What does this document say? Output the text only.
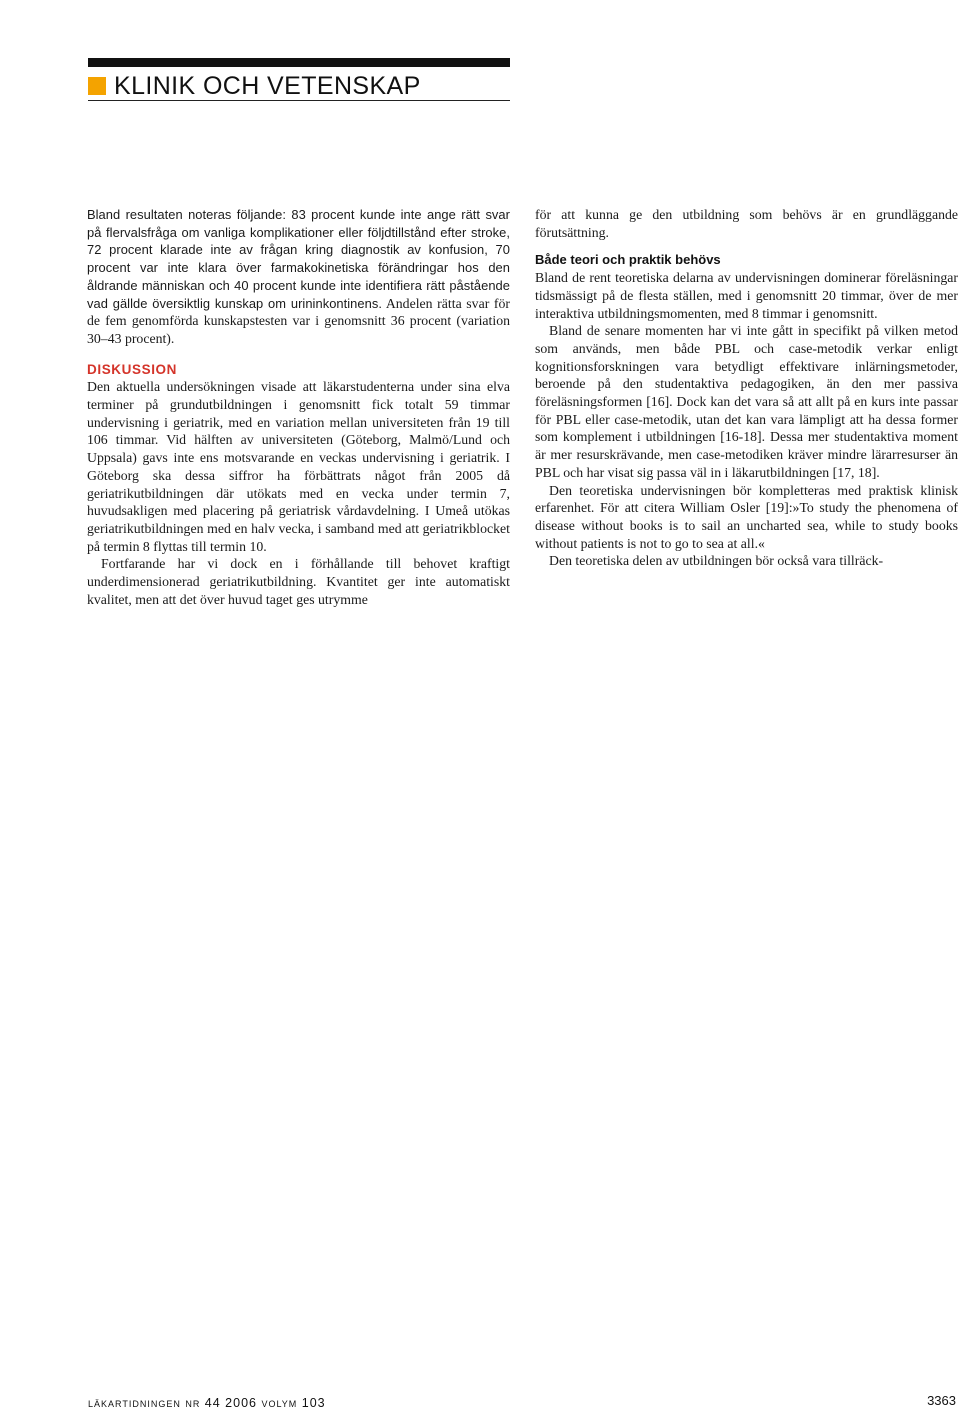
KLINIK OCH VETENSKAP

Bland resultaten noteras följande: 83 procent kunde inte ange rätt svar på flervalsfråga om vanliga komplikationer eller följdtillstånd efter stroke, 72 procent klarade inte av frågan kring diagnostik av konfusion, 70 procent var inte klara över farmakokinetiska förändringar hos den åldrande människan och 40 procent kunde inte identifiera rätt påstående vad gällde översiktlig kunskap om urininkontinens. Andelen rätta svar för de fem genomförda kunskapstesten var i genomsnitt 36 procent (variation 30–43 procent).

DISKUSSION

Den aktuella undersökningen visade att läkarstudenterna under sina elva terminer på grundutbildningen i genomsnitt fick totalt 59 timmar undervisning i geriatrik, med en variation mellan universiteten från 19 till 106 timmar. Vid hälften av universiteten (Göteborg, Malmö/Lund och Uppsala) gavs inte ens motsvarande en veckas undervisning i geriatrik. I Göteborg ska dessa siffror ha förbättrats något från 2005 då geriatrikutbildningen där utökats med en vecka under termin 7, huvudsakligen med placering på geriatrisk vårdavdelning. I Umeå utökas geriatrikutbildningen med en halv vecka, i samband med att geriatrikblocket på termin 8 flyttas till termin 10.

Fortfarande har vi dock en i förhållande till behovet kraftigt underdimensionerad geriatrikutbildning. Kvantitet ger inte automatiskt kvalitet, men att det över huvud taget ges utrymme

för att kunna ge den utbildning som behövs är en grundläggande förutsättning.

Både teori och praktik behövs

Bland de rent teoretiska delarna av undervisningen dominerar föreläsningar tidsmässigt på de flesta ställen, med i genomsnitt 20 timmar, över de mer interaktiva utbildningsmomenten, med 8 timmar i genomsnitt.

Bland de senare momenten har vi inte gått in specifikt på vilken metod som används, men både PBL och case-metodik verkar enligt kognitionsforskningen vara betydligt effektivare inlärningsmetoder, beroende på den studentaktiva pedagogiken, än den mer passiva föreläsningsformen [16]. Dock kan det vara så att allt på en kurs inte passar för PBL eller case-metodik, utan det kan vara lämpligt att ha dessa former som komplement i utbildningen [16-18]. Dessa mer studentaktiva moment är mer resurskrävande, men case-metodiken kräver mindre lärarresurser än PBL och har visat sig passa väl in i läkarutbildningen [17, 18].

Den teoretiska undervisningen bör kompletteras med praktisk klinisk erfarenhet. För att citera William Osler [19]:»To study the phenomena of disease without books is to sail an uncharted sea, while to study books without patients is not to go to sea at all.«

Den teoretiska delen av utbildningen bör också vara tillräck-

läkartidningen nr 44 2006 volym 103	3363
